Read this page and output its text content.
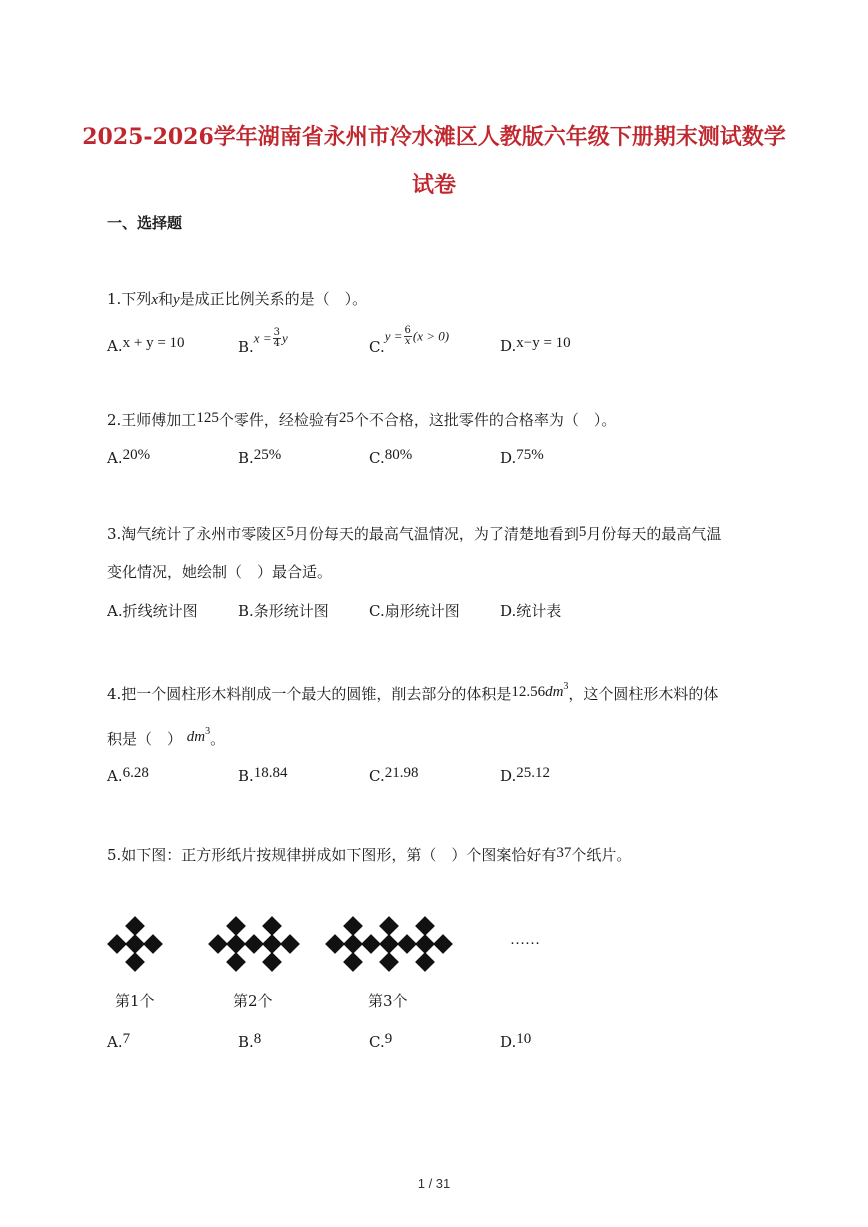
2025-2026学年湖南省永州市冷水滩区人教版六年级下册期末测试数学
试卷
一、选择题
1.下列x和y是成正比例关系的是（　）。
A.x + y = 10	$B.x = \frac{3}{4}$ y	$C.y = \frac{6}{x} (x > 0)$
D.x−y = 10
2.王师傅加工125个零件，经检验有25个不合格，这批零件的合格率为（　）。
A.20%	B.25%	C.80%	D.75%
3.淘气统计了永州市零陵区5月份每天的最高气温情况，为了清楚地看到5月份每天的最高气温
变化情况，她绘制（　）最合适。
A.折线统计图	B.条形统计图	C.扇形统计图	D.统计表
4.把一个圆柱形木料削成一个最大的圆锥，削去部分的体积是$12.56dm^3$，这个圆柱形木料的体
积是（　） $dm^3$。
A.6.28	B.18.84	C.21.98	D.25.12
5.如下图：正方形纸片按规律拼成如下图形，第（　）个图案恰好有37个纸片。
……
第1个	第2个	第3个
A.7	B.8	C.9	D.10
1 / 31
